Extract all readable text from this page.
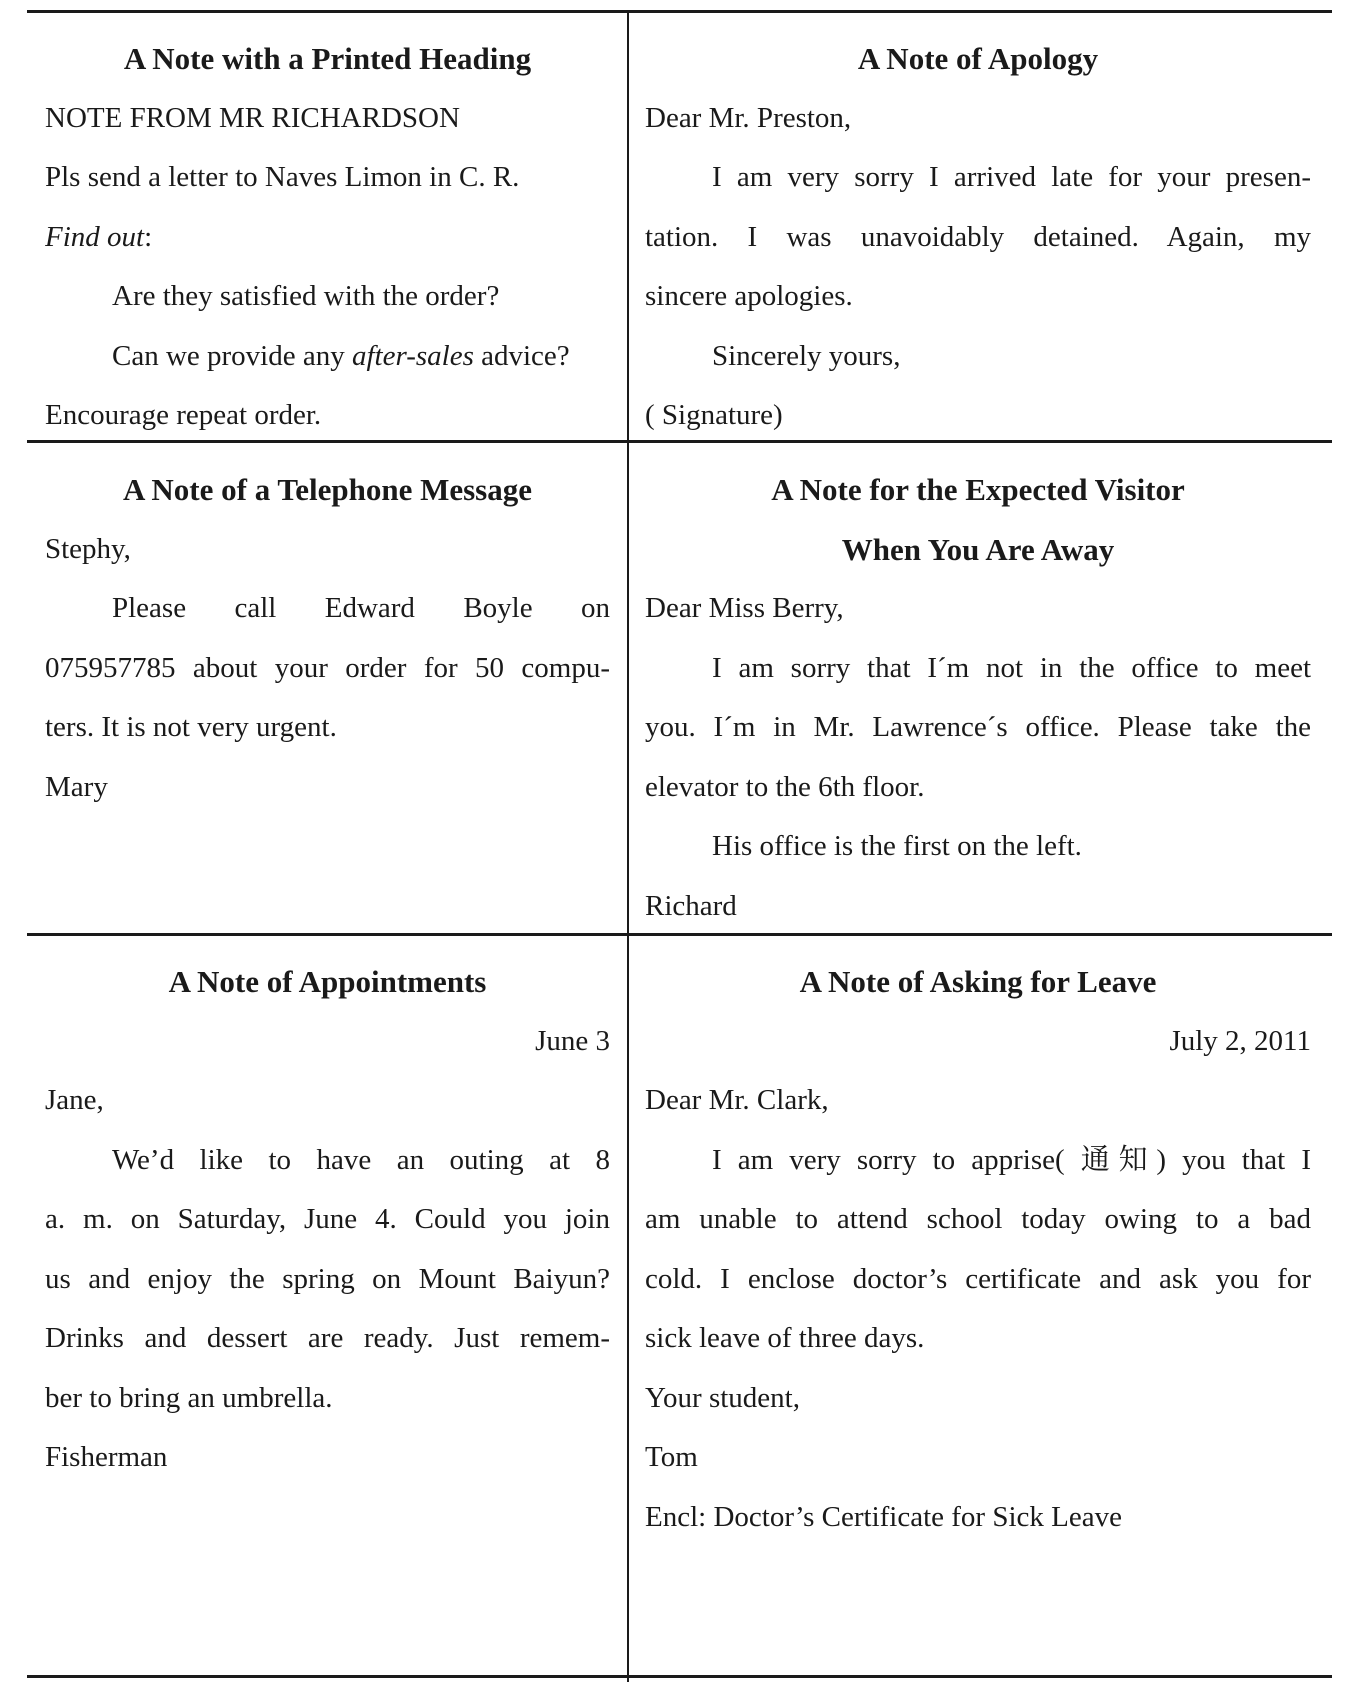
A Note with a Printed Heading
NOTE FROM MR RICHARDSON
Pls send a letter to Naves Limon in C. R.
Find out:
Are they satisfied with the order?
Can we provide any after-sales advice?
Encourage repeat order.
A Note of Apology
Dear Mr. Preston,
I am very sorry I arrived late for your presen-
tation. I was unavoidably detained. Again, my
sincere apologies.
Sincerely yours,
( Signature)
A Note of a Telephone Message
Stephy,
Please call Edward Boyle on
075957785 about your order for 50 compu-
ters. It is not very urgent.
Mary
A Note for the Expected Visitor
When You Are Away
Dear Miss Berry,
I am sorry that I´m not in the office to meet
you. I´m in Mr. Lawrence´s office. Please take the
elevator to the 6th floor.
His office is the first on the left.
Richard
A Note of Appointments
June 3
Jane,
We’d like to have an outing at 8
a. m. on Saturday, June 4. Could you join
us and enjoy the spring on Mount Baiyun?
Drinks and dessert are ready. Just remem-
ber to bring an umbrella.
Fisherman
A Note of Asking for Leave
July 2, 2011
Dear Mr. Clark,
I am very sorry to apprise( 通知) you that I
am unable to attend school today owing to a bad
cold. I enclose doctor’s certificate and ask you for
sick leave of three days.
Your student,
Tom
Encl: Doctor’s Certificate for Sick Leave
